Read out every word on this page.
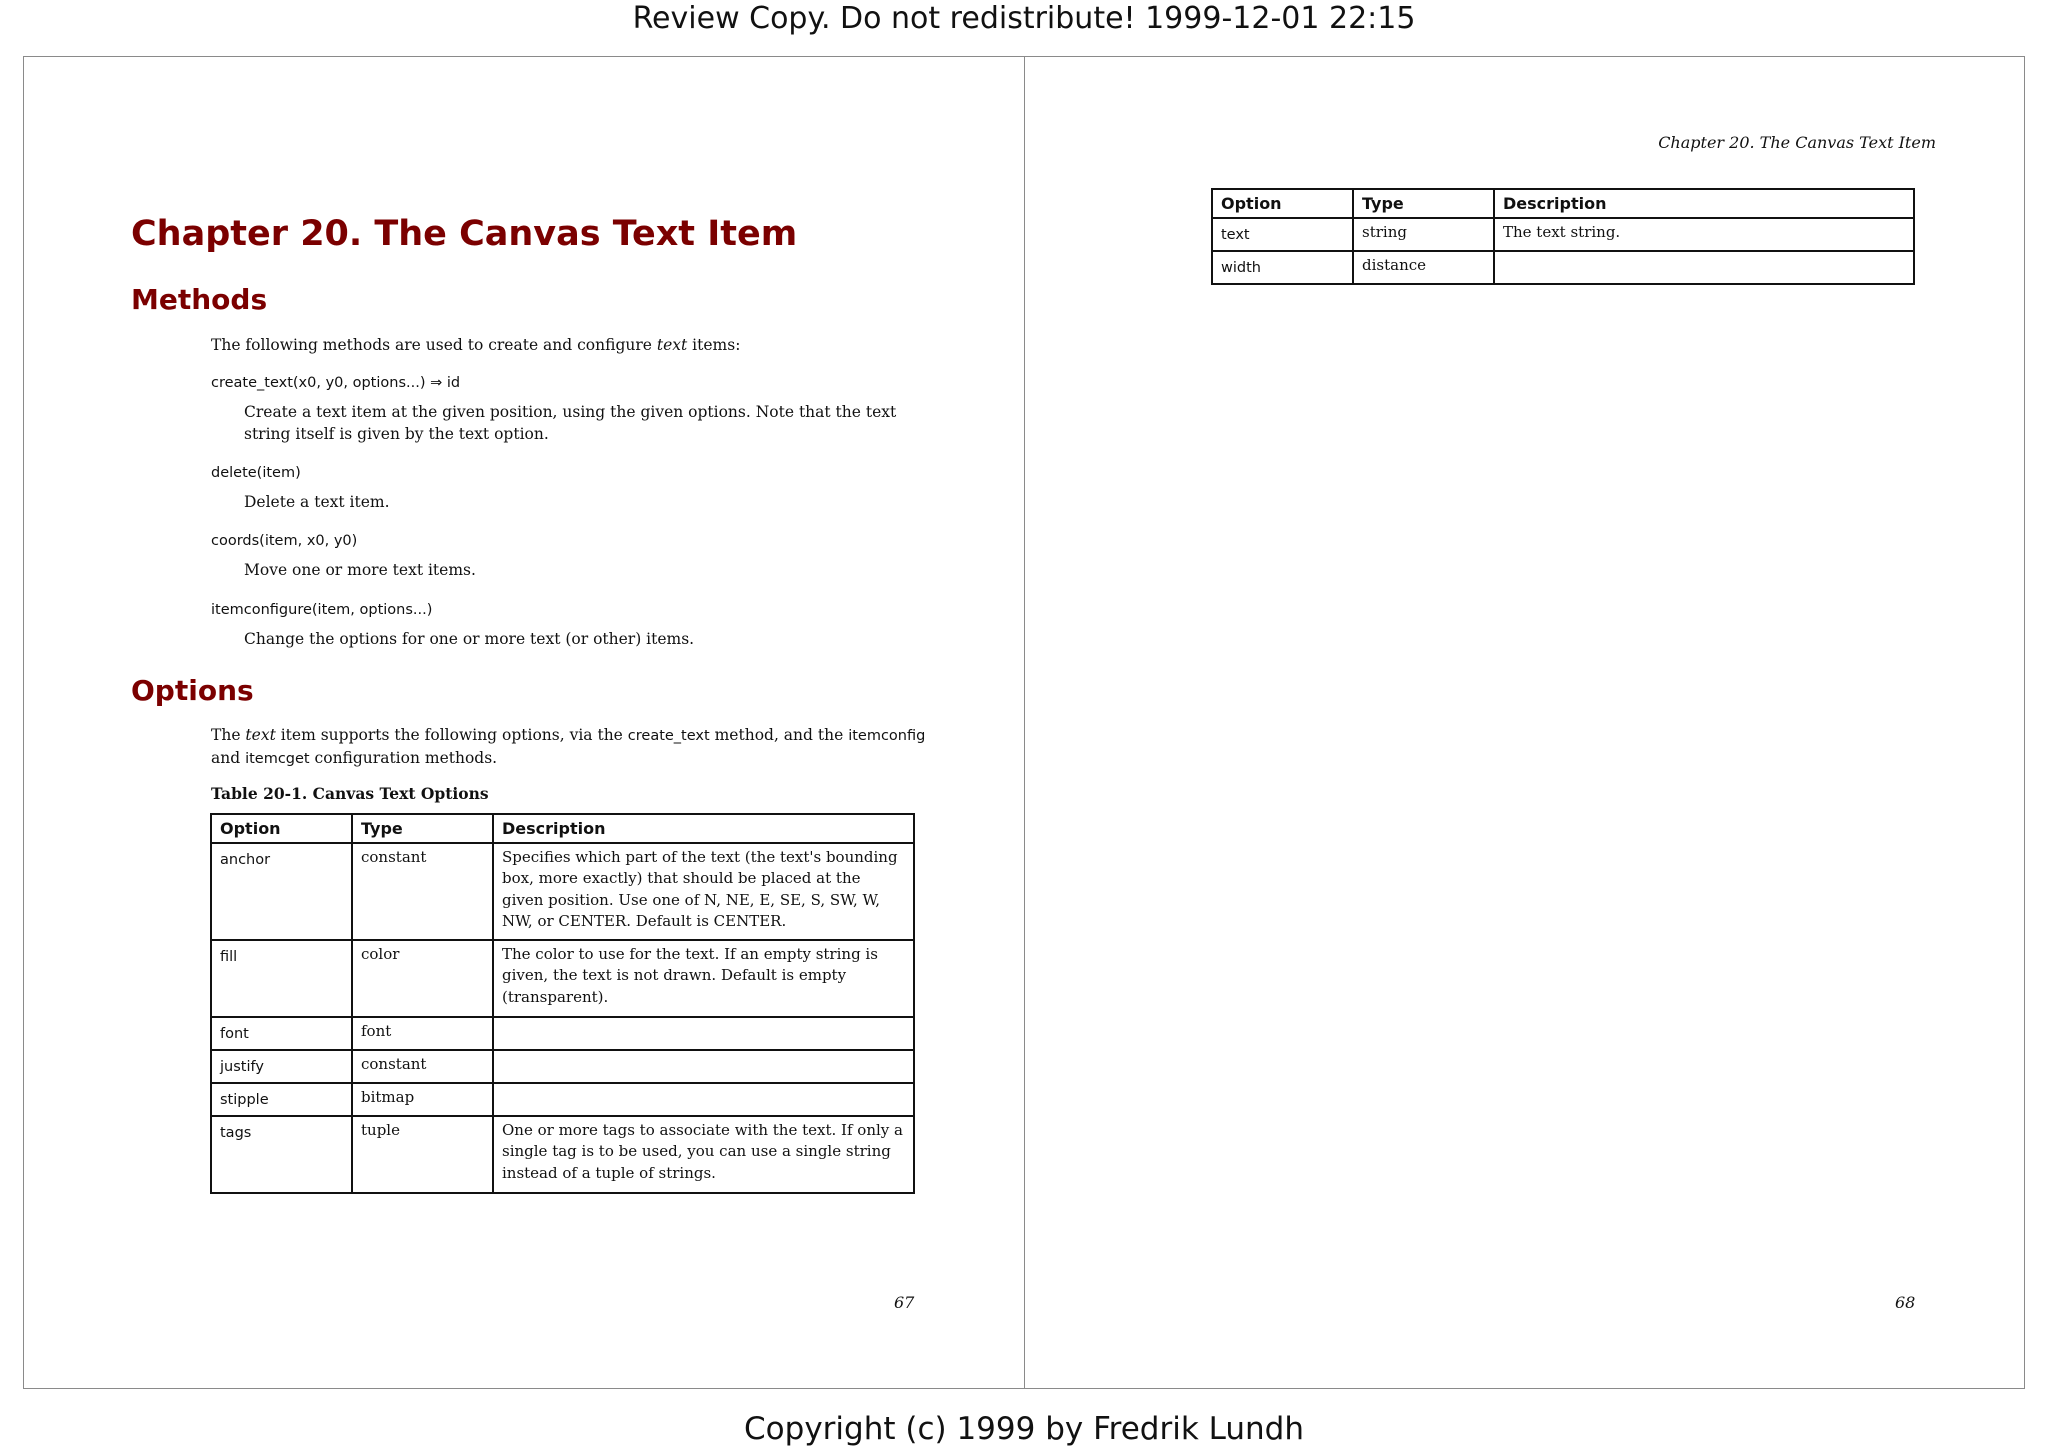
Review Copy. Do not redistribute! 1999-12-01 22:15
Chapter 20. The Canvas Text Item
Methods
The following methods are used to create and configure text items:
create_text(x0, y0, options...) ⇒ id
Create a text item at the given position, using the given options. Note that the text string itself is given by the text option.
delete(item)
Delete a text item.
coords(item, x0, y0)
Move one or more text items.
itemconfigure(item, options...)
Change the options for one or more text (or other) items.
Options
The text item supports the following options, via the create_text method, and the itemconfig and itemcget configuration methods.
Table 20-1. Canvas Text Options
Option	Type	Description
anchor	constant	Specifies which part of the text (the text's bounding box, more exactly) that should be placed at the given position. Use one of N, NE, E, SE, S, SW, W, NW, or CENTER. Default is CENTER.
fill	color	The color to use for the text. If an empty string is given, the text is not drawn. Default is empty (transparent).
font	font	
justify	constant	
stipple	bitmap	
tags	tuple	One or more tags to associate with the text. If only a single tag is to be used, you can use a single string instead of a tuple of strings.
67
Chapter 20. The Canvas Text Item
Option	Type	Description
text	string	The text string.
width	distance	
68
Copyright (c) 1999 by Fredrik Lundh
